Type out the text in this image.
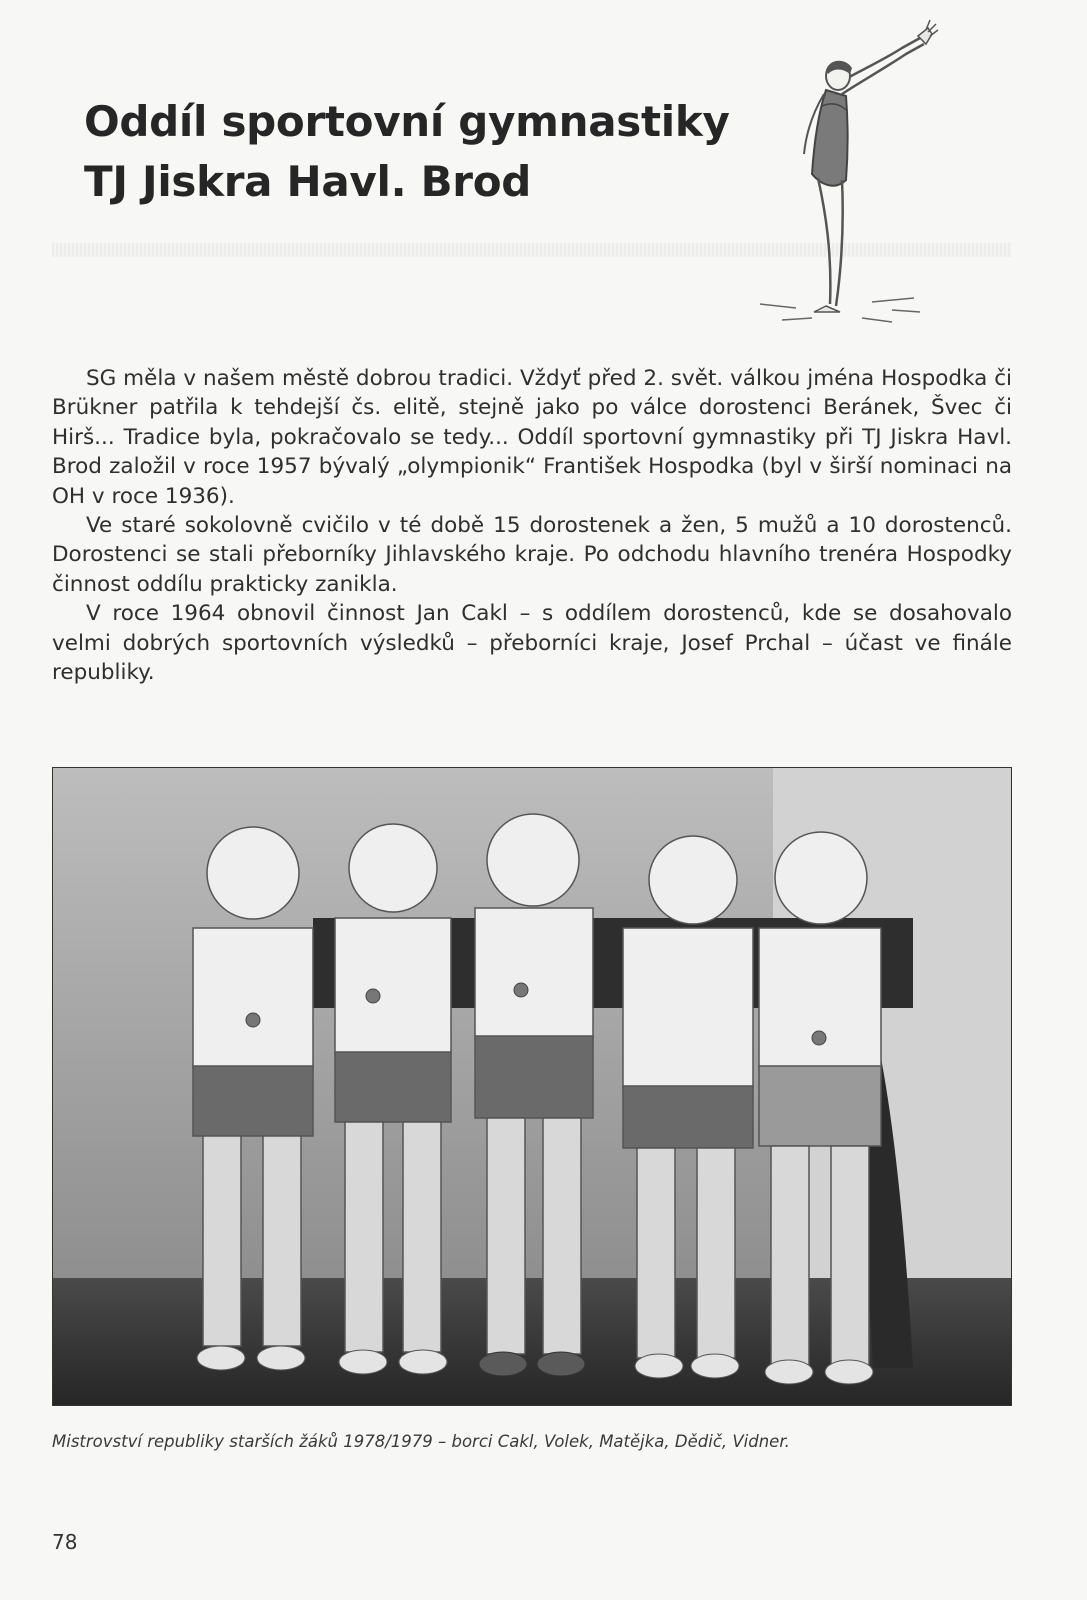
Oddíl sportovní gymnastiky
TJ Jiskra Havl. Brod

SG měla v našem městě dobrou tradici. Vždyť před 2. svět. válkou jména Hospodka či Brükner patřila k tehdejší čs. elitě, stejně jako po válce dorostenci Beránek, Švec či Hirš... Tradice byla, pokračovalo se tedy... Oddíl sportovní gymnastiky při TJ Jiskra Havl. Brod založil v roce 1957 bývalý „olympionik“ František Hospodka (byl v širší nominaci na OH v roce 1936).

Ve staré sokolovně cvičilo v té době 15 dorostenek a žen, 5 mužů a 10 dorostenců. Dorostenci se stali přeborníky Jihlavského kraje. Po odchodu hlavního trenéra Hospodky činnost oddílu prakticky zanikla.

V roce 1964 obnovil činnost Jan Cakl – s oddílem dorostenců, kde se dosahovalo velmi dobrých sportovních výsledků – přeborníci kraje, Josef Prchal – účast ve finále republiky.

Mistrovství republiky starších žáků 1978/1979 – borci Cakl, Volek, Matějka, Dědič, Vidner.
78
